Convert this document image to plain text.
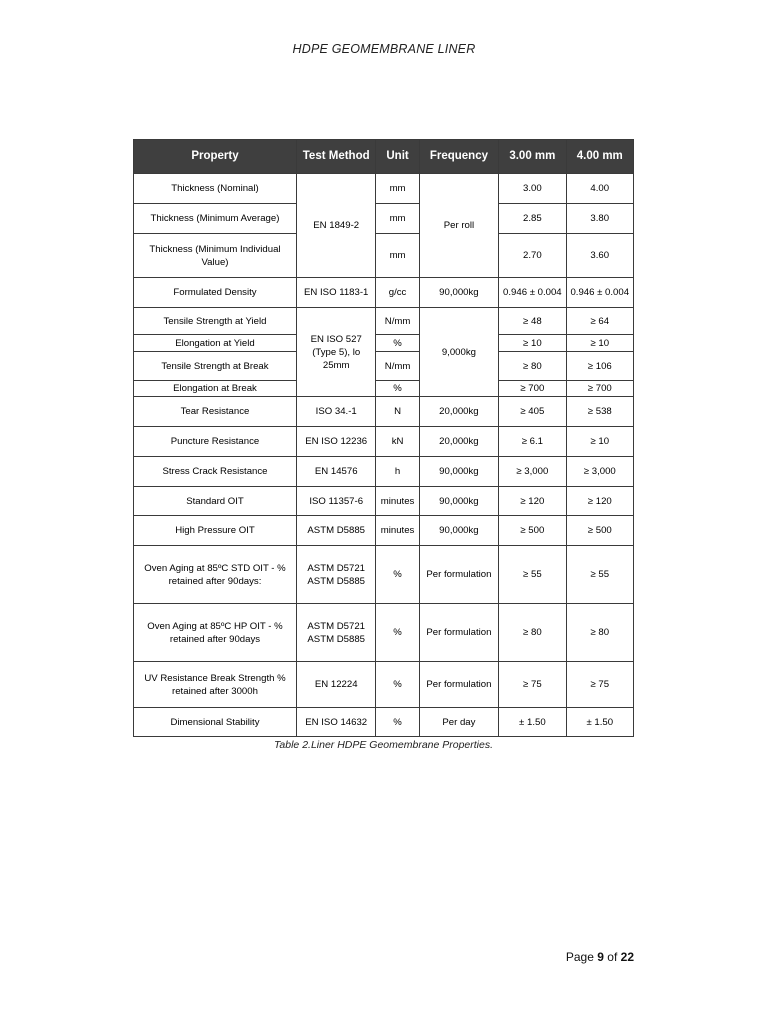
HDPE GEOMEMBRANE LINER
Property	Test Method	Unit	Frequency	3.00 mm	4.00 mm
Thickness (Nominal)	EN 1849-2	mm	Per roll	3.00	4.00
Thickness (Minimum Average)		mm		2.85	3.80
Thickness (Minimum Individual Value)		mm		2.70	3.60
Formulated Density	EN ISO 1183-1	g/cc	90,000kg	0.946 ± 0.004	0.946 ± 0.004
Tensile Strength at Yield	EN ISO 527 (Type 5), lo 25mm	N/mm	9,000kg	≥ 48	≥ 64
Elongation at Yield		%		≥ 10	≥ 10
Tensile Strength at Break		N/mm		≥ 80	≥ 106
Elongation at Break		%		≥ 700	≥ 700
Tear Resistance	ISO 34.-1	N	20,000kg	≥ 405	≥ 538
Puncture Resistance	EN ISO 12236	kN	20,000kg	≥ 6.1	≥ 10
Stress Crack Resistance	EN 14576	h	90,000kg	≥ 3,000	≥ 3,000
Standard OIT	ISO 11357-6	minutes	90,000kg	≥ 120	≥ 120
High Pressure OIT	ASTM D5885	minutes	90,000kg	≥ 500	≥ 500
Oven Aging at 85ºC STD OIT - % retained after 90days:	ASTM D5721 ASTM D5885	%	Per formulation	≥ 55	≥ 55
Oven Aging at 85ºC HP OIT - % retained after 90days	ASTM D5721 ASTM D5885	%	Per formulation	≥ 80	≥ 80
UV Resistance Break Strength % retained after 3000h	EN 12224	%	Per formulation	≥ 75	≥ 75
Dimensional Stability	EN ISO 14632	%	Per day	± 1.50	± 1.50
Table 2.Liner HDPE Geomembrane Properties.
Page 9 of 22
